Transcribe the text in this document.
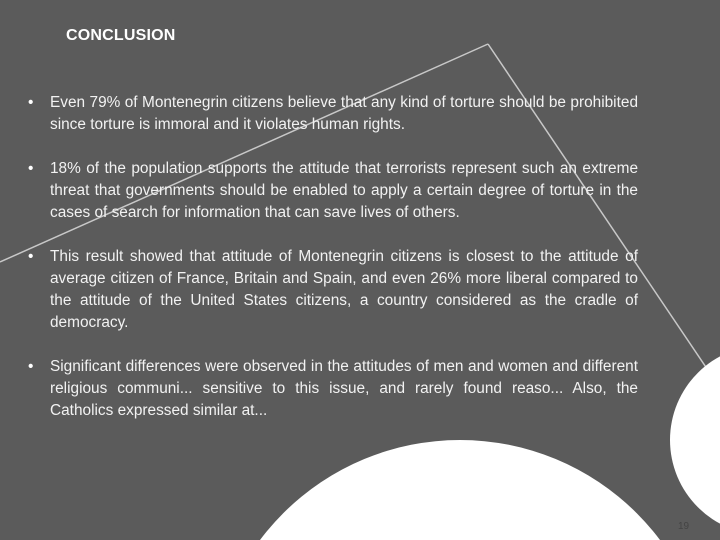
CONCLUSION
• Even 79% of Montenegrin citizens believe that any kind of torture should be prohibited since torture is immoral and it violates human rights.
• 18% of the population supports the attitude that terrorists represent such an extreme threat that governments should be enabled to apply a certain degree of torture in the cases of search for information that can save lives of others.
• This result showed that attitude of Montenegrin citizens is closest to the attitude of average citizen of France, Britain and Spain, and even 26% more liberal compared to the attitude of the United States citizens, a country considered as the cradle of democracy.
• Significant differences were observed in the attitudes of men and women and different religious communi... sensitive to this issue, and rarely found reaso... Also, the Catholics expressed similar at...
19
